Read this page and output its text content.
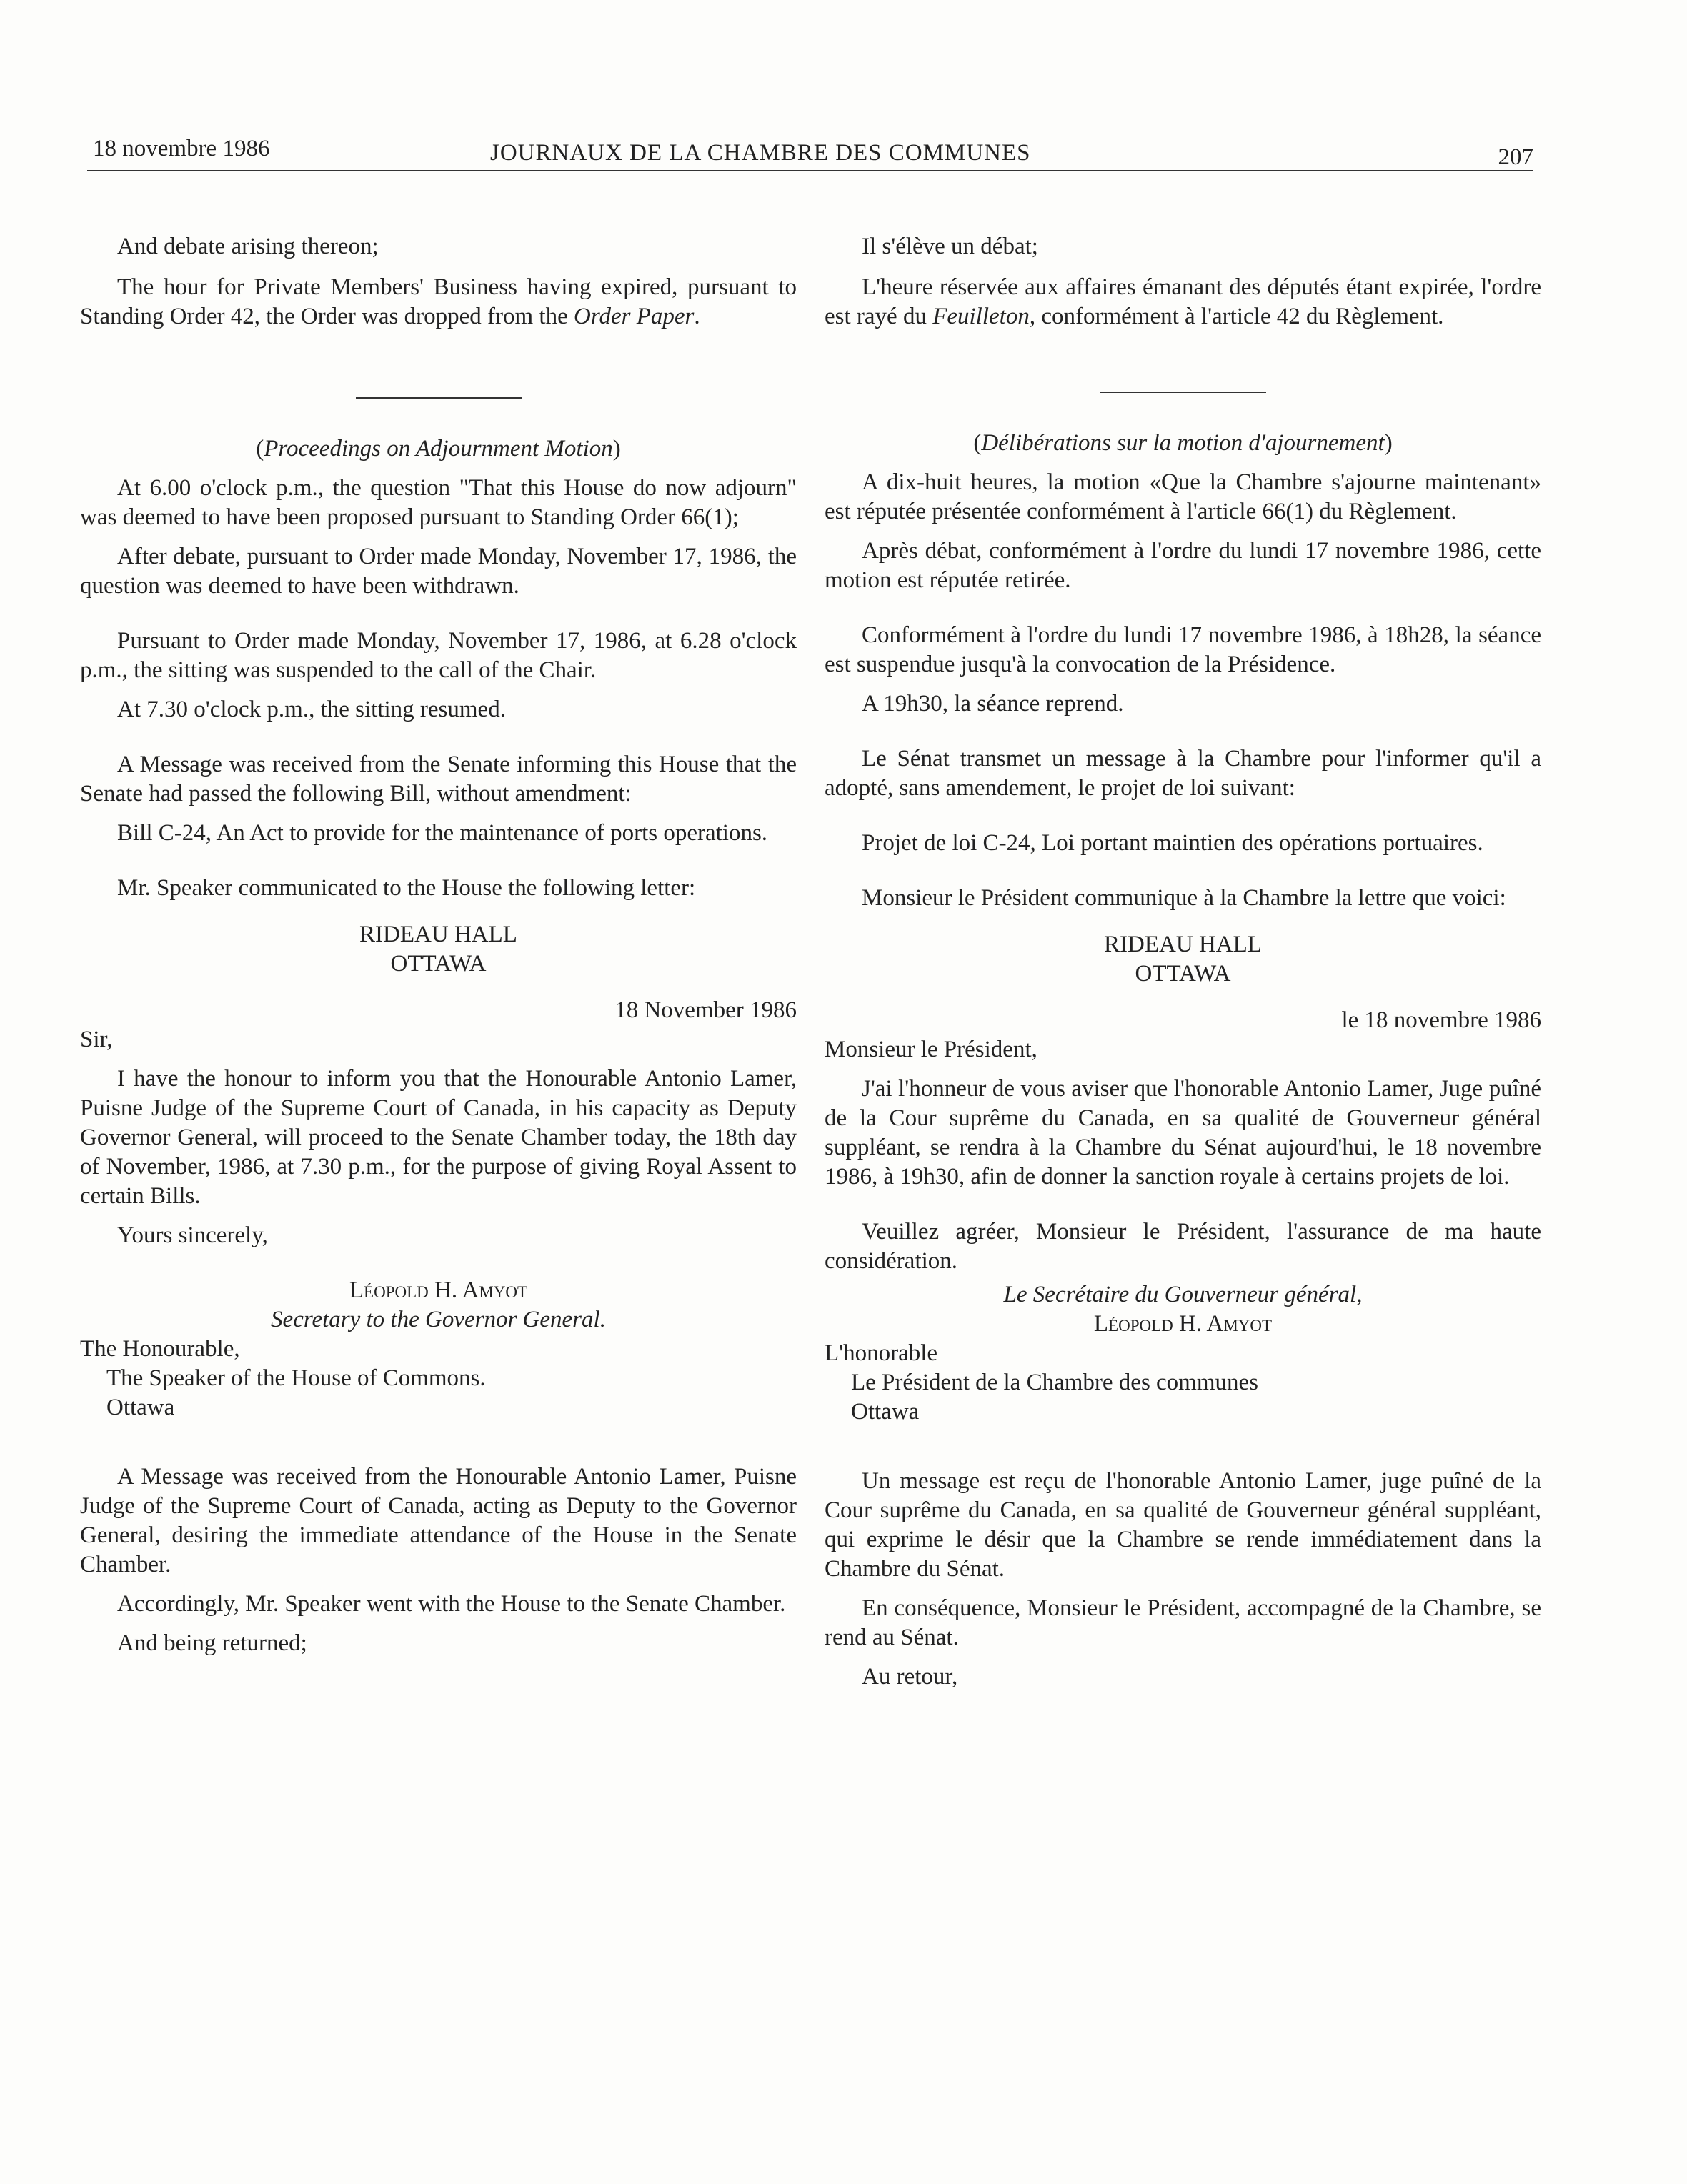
18 novembre 1986	JOURNAUX DE LA CHAMBRE DES COMMUNES	207

And debate arising thereon;

The hour for Private Members' Business having expired, pursuant to Standing Order 42, the Order was dropped from the Order Paper.

(Proceedings on Adjournment Motion)

At 6.00 o'clock p.m., the question "That this House do now adjourn" was deemed to have been proposed pursuant to Standing Order 66(1);

After debate, pursuant to Order made Monday, November 17, 1986, the question was deemed to have been withdrawn.

Pursuant to Order made Monday, November 17, 1986, at 6.28 o'clock p.m., the sitting was suspended to the call of the Chair.

At 7.30 o'clock p.m., the sitting resumed.

A Message was received from the Senate informing this House that the Senate had passed the following Bill, without amendment:

Bill C-24, An Act to provide for the maintenance of ports operations.

Mr. Speaker communicated to the House the following letter:

RIDEAU HALL

OTTAWA

18 November 1986

Sir,

I have the honour to inform you that the Honourable Antonio Lamer, Puisne Judge of the Supreme Court of Canada, in his capacity as Deputy Governor General, will proceed to the Senate Chamber today, the 18th day of November, 1986, at 7.30 p.m., for the purpose of giving Royal Assent to certain Bills.

Yours sincerely,

Léopold H. Amyot

Secretary to the Governor General.

The Honourable,

The Speaker of the House of Commons.

Ottawa

A Message was received from the Honourable Antonio Lamer, Puisne Judge of the Supreme Court of Canada, acting as Deputy to the Governor General, desiring the immediate attendance of the House in the Senate Chamber.

Accordingly, Mr. Speaker went with the House to the Senate Chamber.

And being returned;

Il s'élève un débat;

L'heure réservée aux affaires émanant des députés étant expirée, l'ordre est rayé du Feuilleton, conformément à l'article 42 du Règlement.

(Délibérations sur la motion d'ajournement)

A dix-huit heures, la motion «Que la Chambre s'ajourne maintenant» est réputée présentée conformément à l'article 66(1) du Règlement.

Après débat, conformément à l'ordre du lundi 17 novembre 1986, cette motion est réputée retirée.

Conformément à l'ordre du lundi 17 novembre 1986, à 18h28, la séance est suspendue jusqu'à la convocation de la Présidence.

A 19h30, la séance reprend.

Le Sénat transmet un message à la Chambre pour l'informer qu'il a adopté, sans amendement, le projet de loi suivant:

Projet de loi C-24, Loi portant maintien des opérations portuaires.

Monsieur le Président communique à la Chambre la lettre que voici:

RIDEAU HALL

OTTAWA

le 18 novembre 1986

Monsieur le Président,

J'ai l'honneur de vous aviser que l'honorable Antonio Lamer, Juge puîné de la Cour suprême du Canada, en sa qualité de Gouverneur général suppléant, se rendra à la Chambre du Sénat aujourd'hui, le 18 novembre 1986, à 19h30, afin de donner la sanction royale à certains projets de loi.

Veuillez agréer, Monsieur le Président, l'assurance de ma haute considération.

Le Secrétaire du Gouverneur général,

Léopold H. Amyot

L'honorable

Le Président de la Chambre des communes

Ottawa

Un message est reçu de l'honorable Antonio Lamer, juge puîné de la Cour suprême du Canada, en sa qualité de Gouverneur général suppléant, qui exprime le désir que la Chambre se rende immédiatement dans la Chambre du Sénat.

En conséquence, Monsieur le Président, accompagné de la Chambre, se rend au Sénat.

Au retour,
